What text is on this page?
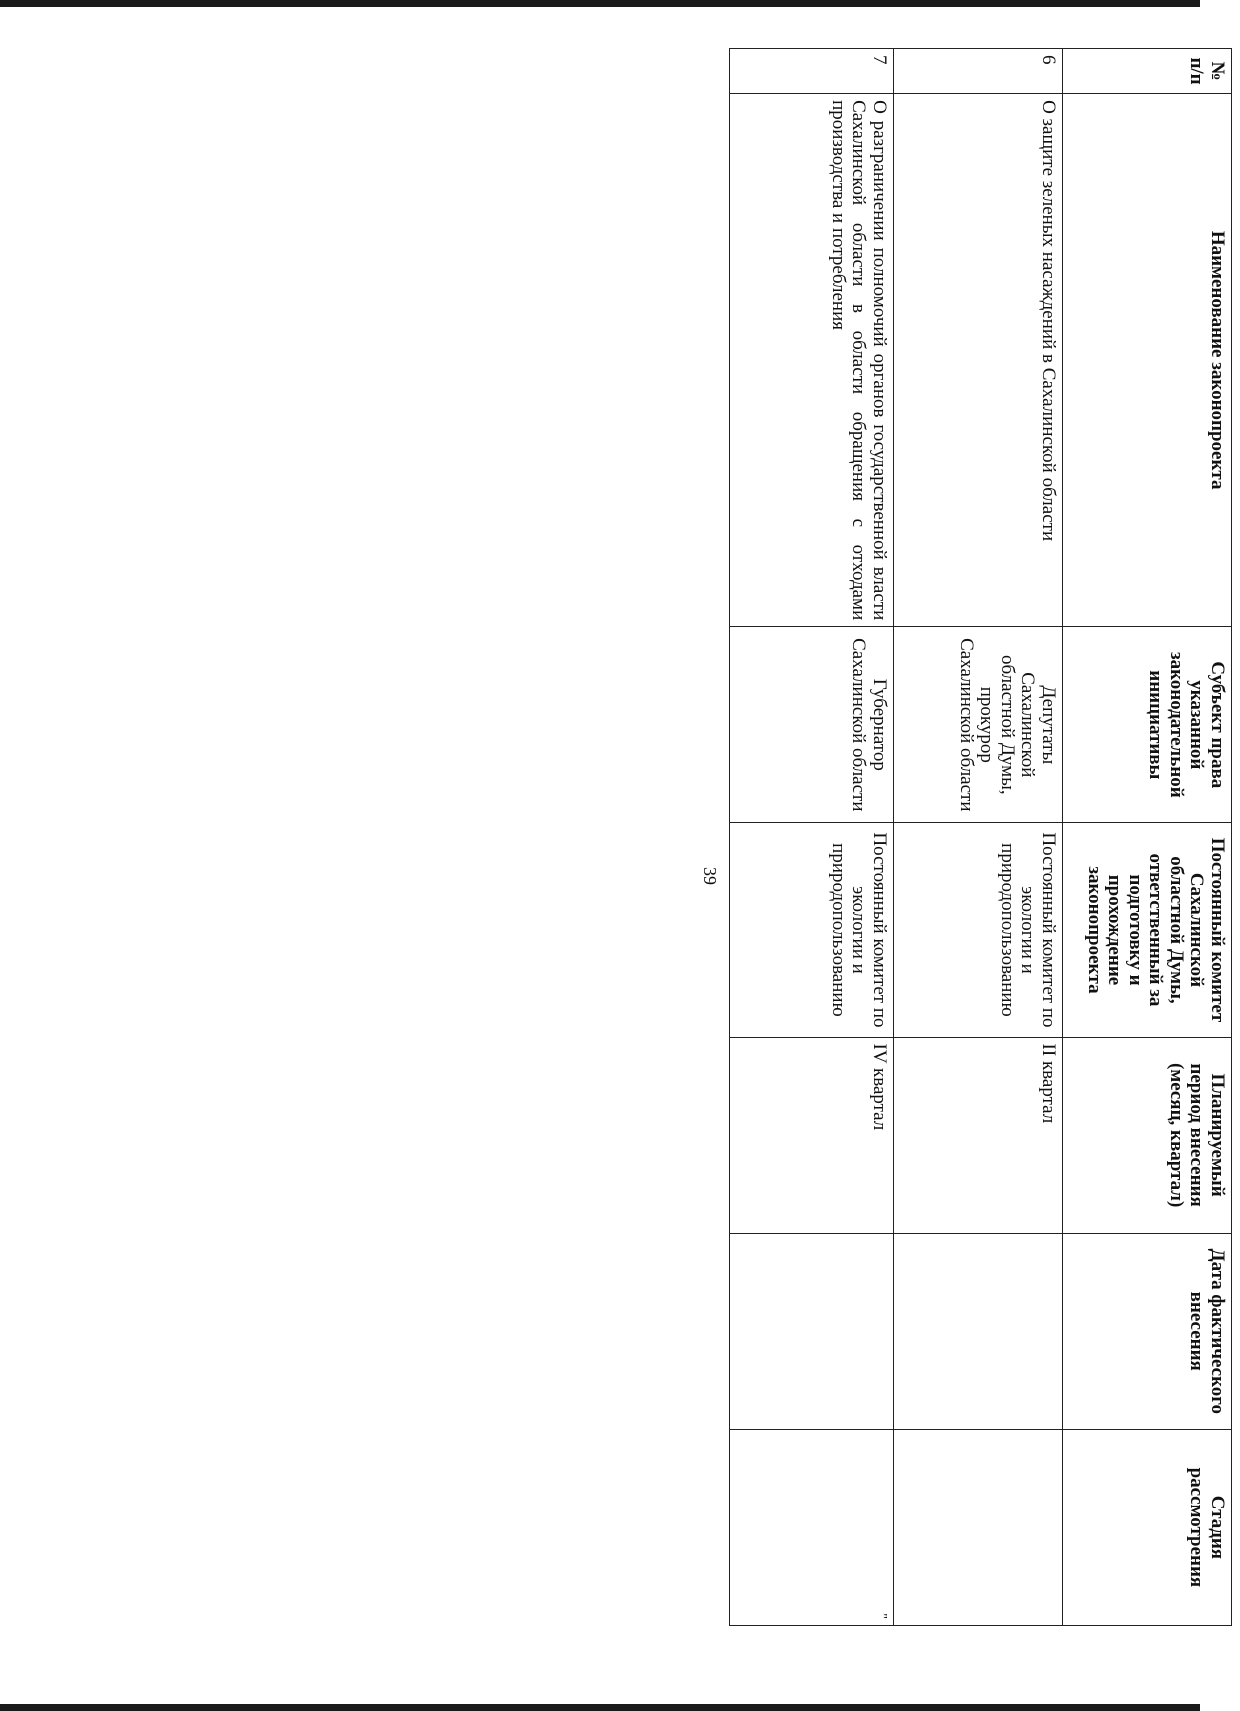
39
№ п/п	Наименование законопроекта	Субъект права указанной законодательной инициативы	Постоянный комитет Сахалинской областной Думы, ответственный за подготовку и прохождение законопроекта	Планируемый период внесения (месяц, квартал)	Дата фактического внесения	Стадия рассмотрения
6	О защите зеленых насаждений в Сахалинской области	Депутаты Сахалинской областной Думы, прокурор Сахалинской области	Постоянный комитет по экологии и природопользованию	II квартал		
7	О разграничении полномочий органов государственной власти Сахалинской области в области обращения с отходами производства и потребления	Губернатор Сахалинской области	Постоянный комитет по экологии и природопользованию	IV квартал		"
